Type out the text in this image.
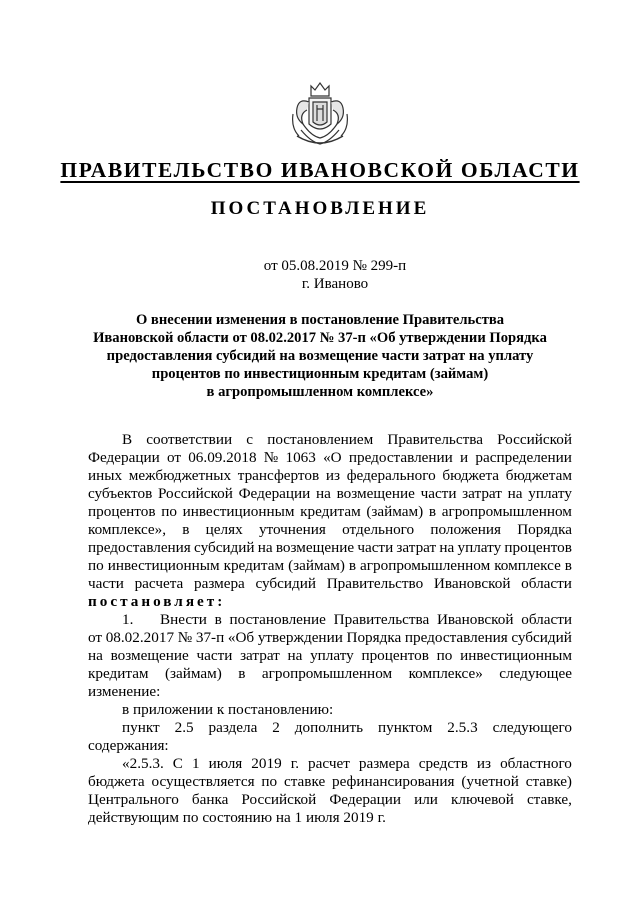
ПРАВИТЕЛЬСТВО ИВАНОВСКОЙ ОБЛАСТИ
ПОСТАНОВЛЕНИЕ
от 05.08.2019 № 299-п
г. Иваново
О внесении изменения в постановление Правительства
Ивановской области от 08.02.2017 № 37-п «Об утверждении Порядка
предоставления субсидий на возмещение части затрат на уплату
процентов по инвестиционным кредитам (займам)
в агропромышленном комплексе»
В соответствии с постановлением Правительства Российской
Федерации от 06.09.2018 № 1063 «О предоставлении и распределении
иных межбюджетных трансфертов из федерального бюджета бюджетам
субъектов Российской Федерации на возмещение части затрат на уплату
процентов по инвестиционным кредитам (займам) в агропромышленном
комплексе», в целях уточнения отдельного положения Порядка
предоставления субсидий на возмещение части затрат на уплату процентов
по инвестиционным кредитам (займам) в агропромышленном комплексе в
части расчета размера субсидий Правительство Ивановской области
постановляет :
1.	Внести в постановление Правительства Ивановской области
от 08.02.2017 № 37-п «Об утверждении Порядка предоставления субсидий
на возмещение части затрат на уплату процентов по инвестиционным
кредитам (займам) в агропромышленном комплексе» следующее
изменение:
в приложении к постановлению:
пункт 2.5 раздела 2 дополнить пунктом 2.5.3 следующего
содержания:
«2.5.3. С 1 июля 2019 г. расчет размера средств из областного
бюджета осуществляется по ставке рефинансирования (учетной ставке)
Центрального банка Российской Федерации или ключевой ставке,
действующим по состоянию на 1 июля 2019 г.
